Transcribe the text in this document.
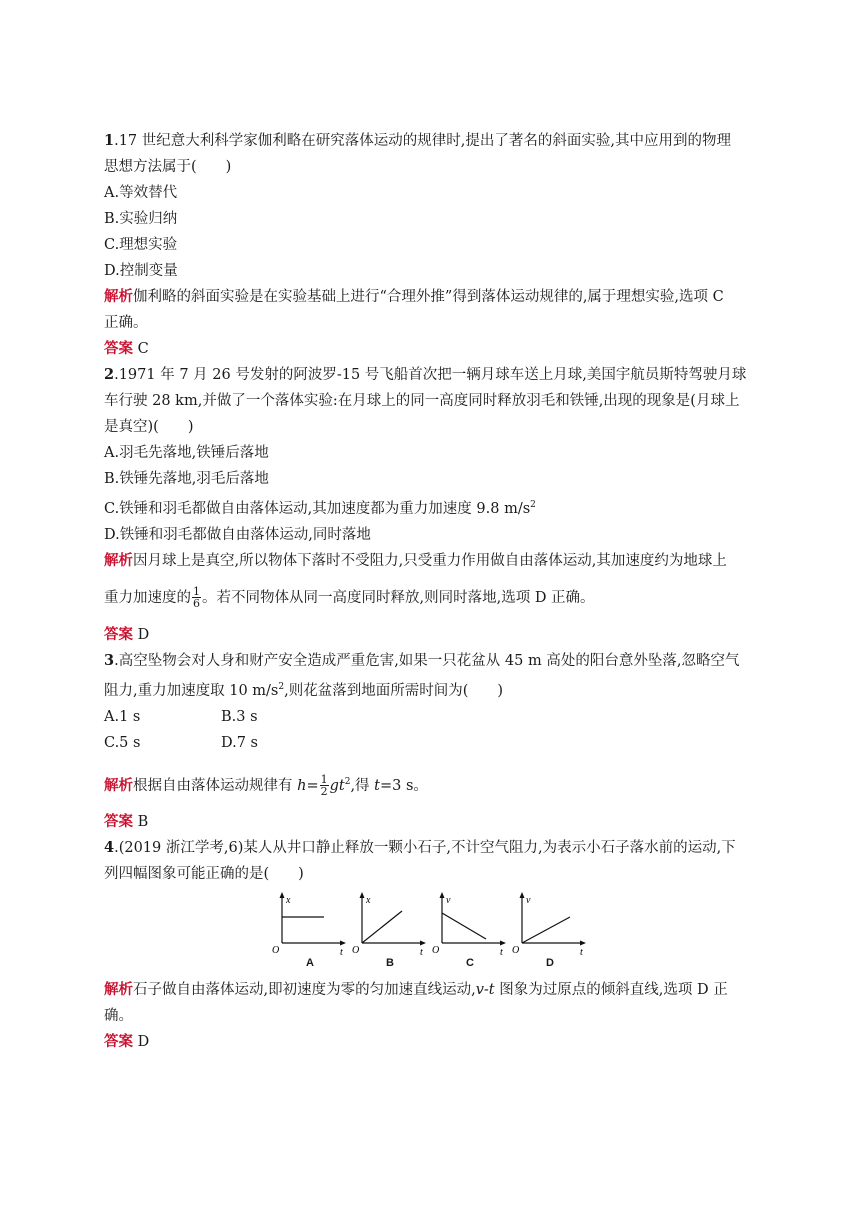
1.17 世纪意大利科学家伽利略在研究落体运动的规律时,提出了著名的斜面实验,其中应用到的物理
思想方法属于(　　)
A.等效替代
B.实验归纳
C.理想实验
D.控制变量
解析伽利略的斜面实验是在实验基础上进行“合理外推”得到落体运动规律的,属于理想实验,选项 C
正确。
答案 C
2.1971 年 7 月 26 号发射的阿波罗-15 号飞船首次把一辆月球车送上月球,美国宇航员斯特驾驶月球
车行驶 28 km,并做了一个落体实验:在月球上的同一高度同时释放羽毛和铁锤,出现的现象是(月球上
是真空)(　　)
A.羽毛先落地,铁锤后落地
B.铁锤先落地,羽毛后落地
C.铁锤和羽毛都做自由落体运动,其加速度都为重力加速度 9.8 $m/s^2$
D.铁锤和羽毛都做自由落体运动,同时落地
解析因月球上是真空,所以物体下落时不受阻力,只受重力作用做自由落体运动,其加速度约为地球上
重力加速度的 $\frac{1}{6}$ 。若不同物体从同一高度同时释放,则同时落地,选项 D 正确。
答案 D
3.高空坠物会对人身和财产安全造成严重危害,如果一只花盆从 45 m 高处的阳台意外坠落,忽略空气
阻力,重力加速度取 10 $m/s^2$,则花盆落到地面所需时间为(　　)
A.1 s	B.3 s
C.5 s	D.7 s
解析根据自由落体运动规律有 $h= \frac{1}{2} gt^2$,得 t=3 s。
答案 B
4.(2019 浙江学考,6)某人从井口静止释放一颗小石子,不计空气阻力,为表示小石子落水前的运动,下
列四幅图象可能正确的是(　　)
x
t
O
A
x
t
O
B
v
t
O
C
v
t
O
D
解析石子做自由落体运动,即初速度为零的匀加速直线运动,v-t 图象为过原点的倾斜直线,选项 D 正
确。
答案 D
